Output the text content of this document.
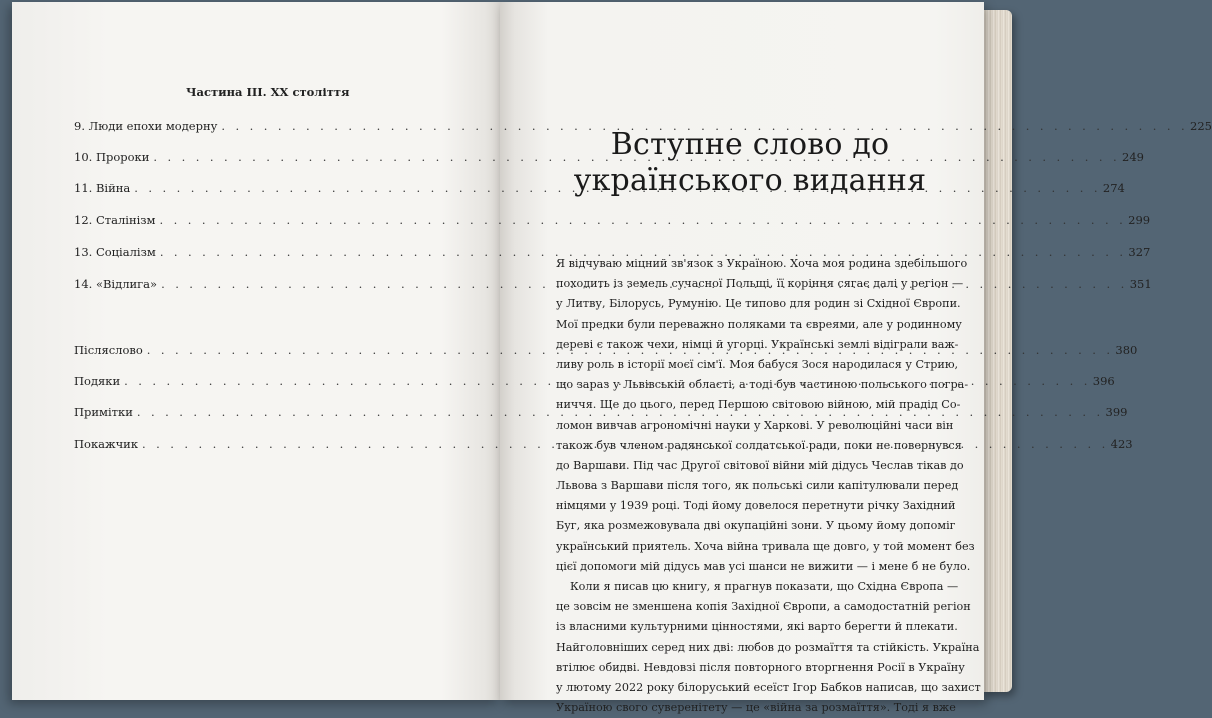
Частина III. ХХ століття
9. Люди епохи модерну . . .	225
10. Пророки . . .	249
11. Війна . . .	274
12. Сталінізм . . .	299
13. Соціалізм . . .	327
14. «Відлига» . . .	351
Післяслово . . .	380
Подяки . . .	396
Примітки . . .	399
Покажчик . . .	423
Вступне слово до
українського видання
Я відчуваю міцний зв'язок з Україною. Хоча моя родина здебільшого
походить із земель сучасної Польщі, її коріння сягає далі у регіон —
у Литву, Білорусь, Румунію. Це типово для родин зі Східної Європи.
Мої предки були переважно поляками та євреями, але у родинному
дереві є також чехи, німці й угорці. Українські землі відіграли важ-
ливу роль в історії моєї сім'ї. Моя бабуся Зося народилася у Стрию,
що зараз у Львівській області, а тоді був частиною польського погра-
ниччя. Ще до цього, перед Першою світовою війною, мій прадід Со-
ломон вивчав агрономічні науки у Харкові. У революційні часи він
також був членом радянської солдатської ради, поки не повернувся
до Варшави. Під час Другої світової війни мій дідусь Чеслав тікав до
Львова з Варшави після того, як польські сили капітулювали перед
німцями у 1939 році. Тоді йому довелося перетнути річку Західний
Буг, яка розмежовувала дві окупаційні зони. У цьому йому допоміг
український приятель. Хоча війна тривала ще довго, у той момент без
цієї допомоги мій дідусь мав усі шанси не вижити — і мене б не було.
Коли я писав цю книгу, я прагнув показати, що Східна Європа —
це зовсім не зменшена копія Західної Європи, а самодостатній регіон
із власними культурними цінностями, які варто берегти й плекати.
Найголовніших серед них дві: любов до розмаїття та стійкість. Україна
втілює обидві. Невдовзі після повторного вторгнення Росії в Україну
у лютому 2022 року білоруський есеїст Ігор Бабков написав, що захист
Україною свого суверенітету — це «війна за розмаїття». Тоді я вже
